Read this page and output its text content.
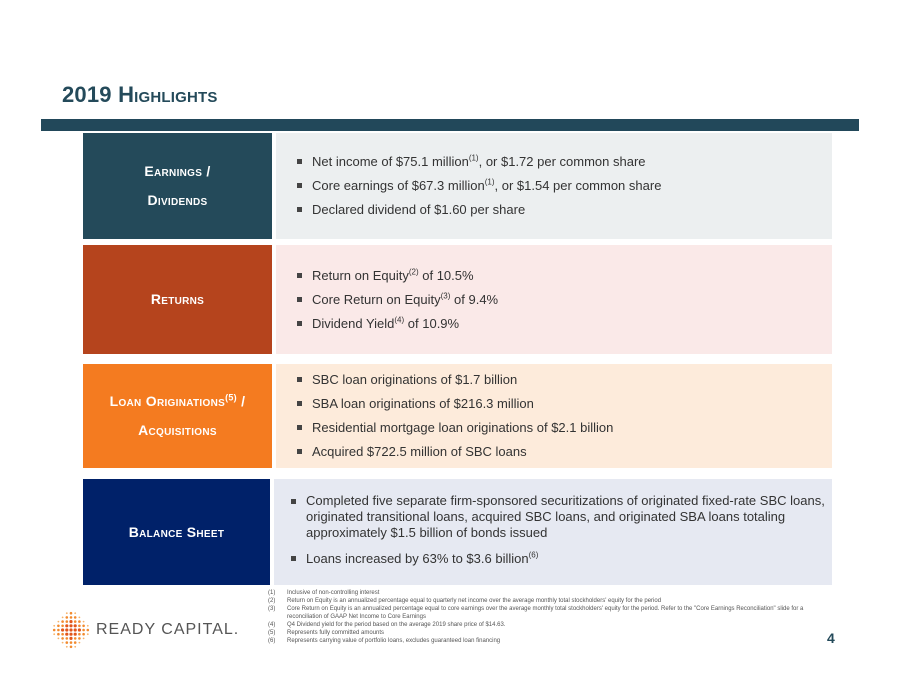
2019 Highlights
Earnings /
Dividends
Net income of $75.1 million$^{(1)}$, or $1.72 per common share
Core earnings of $67.3 million$^{(1)}$, or $1.54 per common share
Declared dividend of $1.60 per share
Returns
Return on Equity$^{(2)}$ of 10.5%
Core Return on Equity$^{(3)}$ of 9.4%
Dividend Yield$^{(4)}$ of 10.9%
Loan Originations$^{(5)}$ /
Acquisitions
SBC loan originations of $1.7 billion
SBA loan originations of $216.3 million
Residential mortgage loan originations of $2.1 billion
Acquired $722.5 million of SBC loans
Balance Sheet
Completed five separate firm-sponsored securitizations of originated fixed-rate SBC loans, originated transitional loans, acquired SBC loans, and originated SBA loans totaling approximately $1.5 billion of bonds issued
Loans increased by 63% to $3.6 billion$^{(6)}$
(1)	Inclusive of non-controlling interest
(2)	Return on Equity is an annualized percentage equal to quarterly net income over the average monthly total stockholders' equity for the period
(3)	Core Return on Equity is an annualized percentage equal to core earnings over the average monthly total stockholders' equity for the period. Refer to the "Core Earnings Reconciliation" slide for a reconciliation of GAAP Net Income to Core Earnings
(4)	Q4 Dividend yield for the period based on the average 2019 share price of $14.63.
(5)	Represents fully committed amounts
(6)	Represents carrying value of portfolio loans, excludes guaranteed loan financing
READY CAPITAL.	4
